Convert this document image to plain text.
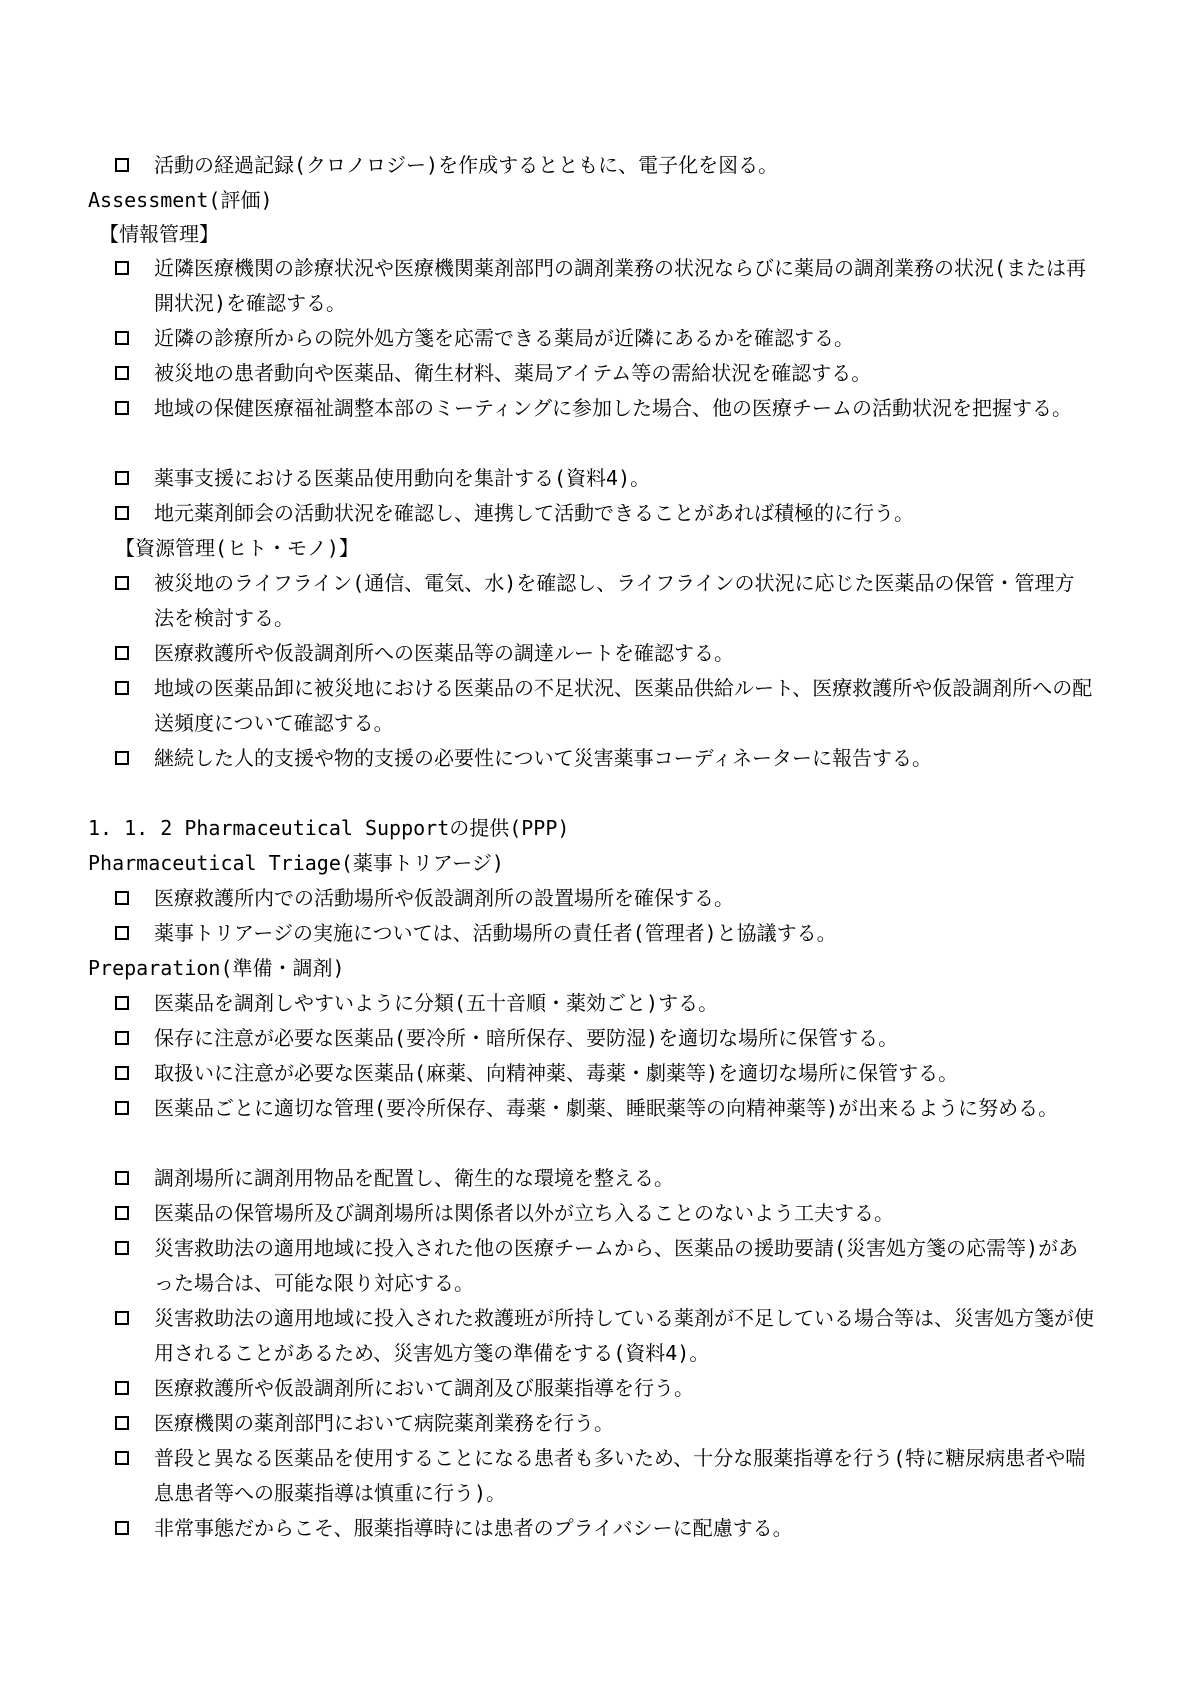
活動の経過記録(クロノロジー)を作成するとともに、電子化を図る。
Assessment(評価)
【情報管理】
近隣医療機関の診療状況や医療機関薬剤部門の調剤業務の状況ならびに薬局の調剤業務の状況(または再開状況)を確認する。
近隣の診療所からの院外処方箋を応需できる薬局が近隣にあるかを確認する。
被災地の患者動向や医薬品、衛生材料、薬局アイテム等の需給状況を確認する。
地域の保健医療福祉調整本部のミーティングに参加した場合、他の医療チームの活動状況を把握する。
薬事支援における医薬品使用動向を集計する(資料4)。
地元薬剤師会の活動状況を確認し、連携して活動できることがあれば積極的に行う。
【資源管理(ヒト・モノ)】
被災地のライフライン(通信、電気、水)を確認し、ライフラインの状況に応じた医薬品の保管・管理方法を検討する。
医療救護所や仮設調剤所への医薬品等の調達ルートを確認する。
地域の医薬品卸に被災地における医薬品の不足状況、医薬品供給ルート、医療救護所や仮設調剤所への配送頻度について確認する。
継続した人的支援や物的支援の必要性について災害薬事コーディネーターに報告する。
1. 1. 2 Pharmaceutical Supportの提供(PPP)
Pharmaceutical Triage(薬事トリアージ)
医療救護所内での活動場所や仮設調剤所の設置場所を確保する。
薬事トリアージの実施については、活動場所の責任者(管理者)と協議する。
Preparation(準備・調剤)
医薬品を調剤しやすいように分類(五十音順・薬効ごと)する。
保存に注意が必要な医薬品(要冷所・暗所保存、要防湿)を適切な場所に保管する。
取扱いに注意が必要な医薬品(麻薬、向精神薬、毒薬・劇薬等)を適切な場所に保管する。
医薬品ごとに適切な管理(要冷所保存、毒薬・劇薬、睡眠薬等の向精神薬等)が出来るように努める。
調剤場所に調剤用物品を配置し、衛生的な環境を整える。
医薬品の保管場所及び調剤場所は関係者以外が立ち入ることのないよう工夫する。
災害救助法の適用地域に投入された他の医療チームから、医薬品の援助要請(災害処方箋の応需等)があった場合は、可能な限り対応する。
災害救助法の適用地域に投入された救護班が所持している薬剤が不足している場合等は、災害処方箋が使用されることがあるため、災害処方箋の準備をする(資料4)。
医療救護所や仮設調剤所において調剤及び服薬指導を行う。
医療機関の薬剤部門において病院薬剤業務を行う。
普段と異なる医薬品を使用することになる患者も多いため、十分な服薬指導を行う(特に糖尿病患者や喘息患者等への服薬指導は慎重に行う)。
非常事態だからこそ、服薬指導時には患者のプライバシーに配慮する。
